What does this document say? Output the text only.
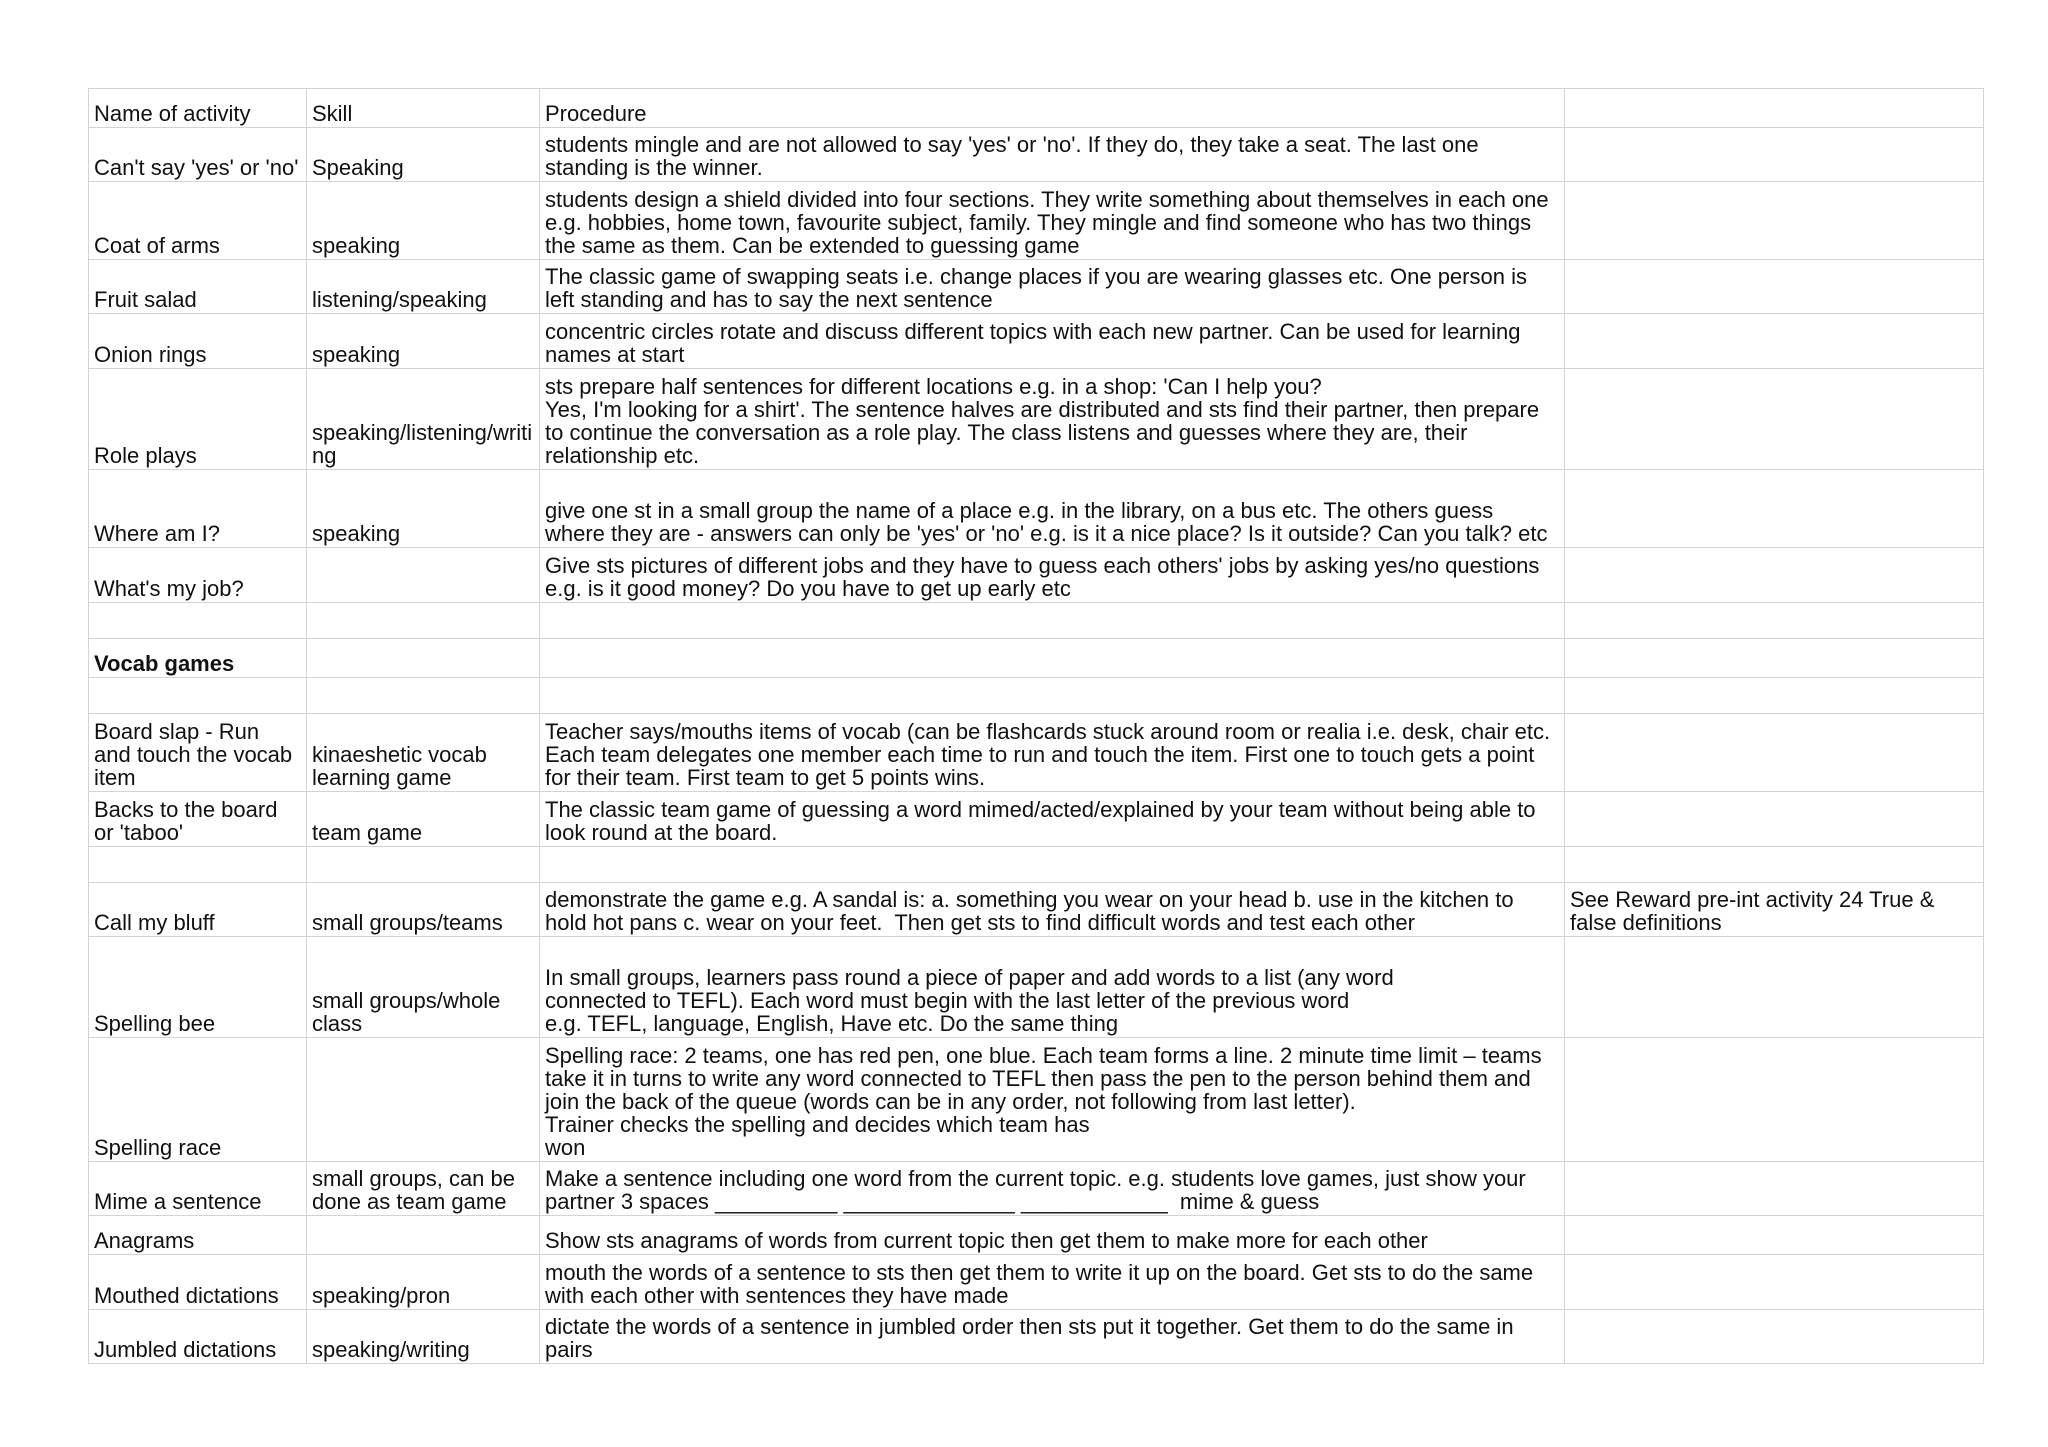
Name of activity	Skill	Procedure	
Can't say 'yes' or 'no'	Speaking	students mingle and are not allowed to say 'yes' or 'no'. If they do, they take a seat. The last one standing is the winner.	
Coat of arms	speaking	students design a shield divided into four sections. They write something about themselves in each one e.g. hobbies, home town, favourite subject, family. They mingle and find someone who has two things the same as them. Can be extended to guessing game	
Fruit salad	listening/speaking	The classic game of swapping seats i.e. change places if you are wearing glasses etc. One person is left standing and has to say the next sentence	
Onion rings	speaking	concentric circles rotate and discuss different topics with each new partner. Can be used for learning names at start	
Role plays	speaking/listening/writing	sts prepare half sentences for different locations e.g. in a shop: 'Can I help you?
Yes, I'm looking for a shirt'. The sentence halves are distributed and sts find their partner, then prepare to continue the conversation as a role play. The class listens and guesses where they are, their relationship etc.	
Where am I?	speaking	give one st in a small group the name of a place e.g. in the library, on a bus etc. The others guess where they are - answers can only be 'yes' or 'no' e.g. is it a nice place? Is it outside? Can you talk? etc	
What's my job?		Give sts pictures of different jobs and they have to guess each others' jobs by asking yes/no questions e.g. is it good money? Do you have to get up early etc	

Vocab games			

Board slap - Run and touch the vocab item	kinaeshetic vocab learning game	Teacher says/mouths items of vocab (can be flashcards stuck around room or realia i.e. desk, chair etc. Each team delegates one member each time to run and touch the item. First one to touch gets a point for their team. First team to get 5 points wins.	
Backs to the board or 'taboo'	team game	The classic team game of guessing a word mimed/acted/explained by your team without being able to look round at the board.	

Call my bluff	small groups/teams	demonstrate the game e.g. A sandal is: a. something you wear on your head b. use in the kitchen to hold hot pans c. wear on your feet.  Then get sts to find difficult words and test each other	See Reward pre-int activity 24 True & false definitions
Spelling bee	small groups/whole class	In small groups, learners pass round a piece of paper and add words to a list (any word
connected to TEFL). Each word must begin with the last letter of the previous word
e.g. TEFL, language, English, Have etc. Do the same thing	
Spelling race		Spelling race: 2 teams, one has red pen, one blue. Each team forms a line. 2 minute time limit – teams take it in turns to write any word connected to TEFL then pass the pen to the person behind them and join the back of the queue (words can be in any order, not following from last letter).
Trainer checks the spelling and decides which team has
won	
Mime a sentence	small groups, can be done as team game	Make a sentence including one word from the current topic. e.g. students love games, just show your partner 3 spaces __________ ______________ ____________  mime & guess	
Anagrams		Show sts anagrams of words from current topic then get them to make more for each other	
Mouthed dictations	speaking/pron	mouth the words of a sentence to sts then get them to write it up on the board. Get sts to do the same with each other with sentences they have made	
Jumbled dictations	speaking/writing	dictate the words of a sentence in jumbled order then sts put it together. Get them to do the same in pairs	
